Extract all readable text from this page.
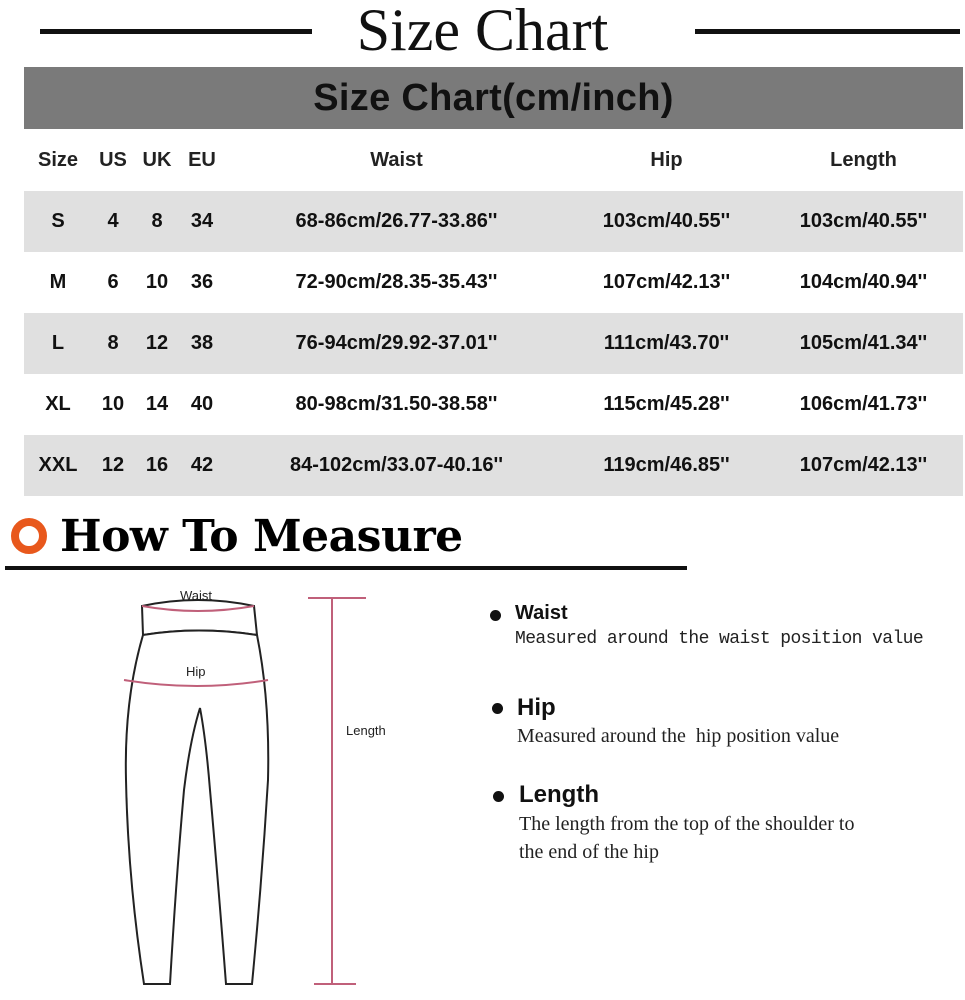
Size Chart
Size Chart(cm/inch)
Size	US UK EU	Waist	Hip	Length
S	4	8	34	68-86cm/26.77-33.86''	103cm/40.55''	103cm/40.55''
M	6	10	36	72-90cm/28.35-35.43''	107cm/42.13''	104cm/40.94''
L	8	12	38	76-94cm/29.92-37.01''	111cm/43.70''	105cm/41.34''
XL	10	14	40	80-98cm/31.50-38.58''	115cm/45.28''	106cm/41.73''
XXL	12	16	42	84-102cm/33.07-40.16''	119cm/46.85''	107cm/42.13''
How To Measure
Waist
Hip
Length
Waist
Measured around the waist position value
Hip
Measured around the  hip position value
Length
The length from the top of the shoulder to
the end of the hip
